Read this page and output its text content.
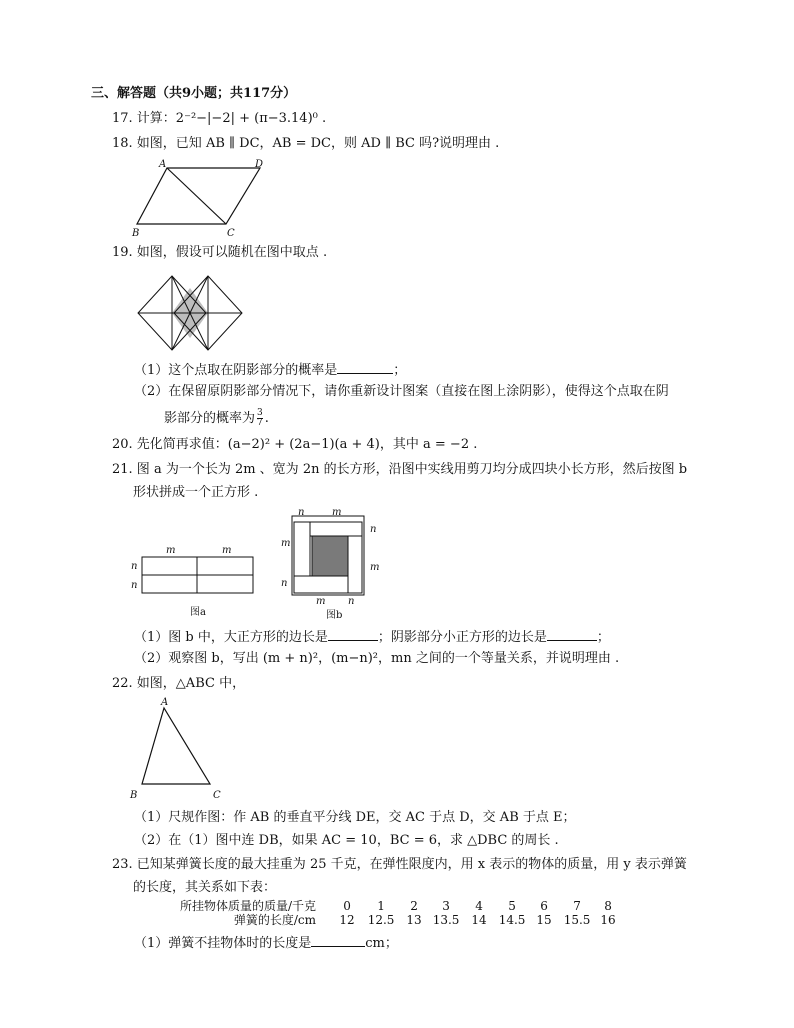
三、解答题（共9小题；共117分）
17. 计算：2⁻²−|−2| + (π−3.14)⁰ .
18. 如图，已知 AB ∥ DC，AB = DC，则 AD ∥ BC 吗?说明理由 .
A	D
B	C
19. 如图，假设可以随机在图中取点 .
（1）这个点取在阴影部分的概率是	；
（2）在保留原阴影部分情况下，请你重新设计图案（直接在图上涂阴影），使得这个点取在阴
影部分的概率为 $\frac{3}{7}$ .
20. 先化简再求值：(a−2)² + (2a−1)(a + 4)，其中 a = −2 .
21. 图 a 为一个长为 2m 、宽为 2n 的长方形，沿图中实线用剪刀均分成四块小长方形，然后按图 b
形状拼成一个正方形 .
m	m
n
n
图a
n	m
n
m
n
m
m n
图b
（1）图 b 中，大正方形的边长是	；阴影部分小正方形的边长是	；
（2）观察图 b，写出 (m + n)²，(m−n)²，mn 之间的一个等量关系，并说明理由 .
22. 如图，△ABC 中，
A
B	C
（1）尺规作图：作 AB 的垂直平分线 DE，交 AC 于点 D，交 AB 于点 E；
（2）在（1）图中连 DB，如果 AC = 10，BC = 6，求 △DBC 的周长 .
23. 已知某弹簧长度的最大挂重为 25 千克，在弹性限度内，用 x 表示的物体的质量，用 y 表示弹簧
的长度，其关系如下表：
所挂物体质量的质量/千克	0	1	2	3	4	5	6	7	8
弹簧的长度/cm	12	12.5	13	13.5	14	14.5	15	15.5	16
（1）弹簧不挂物体时的长度是	cm；
